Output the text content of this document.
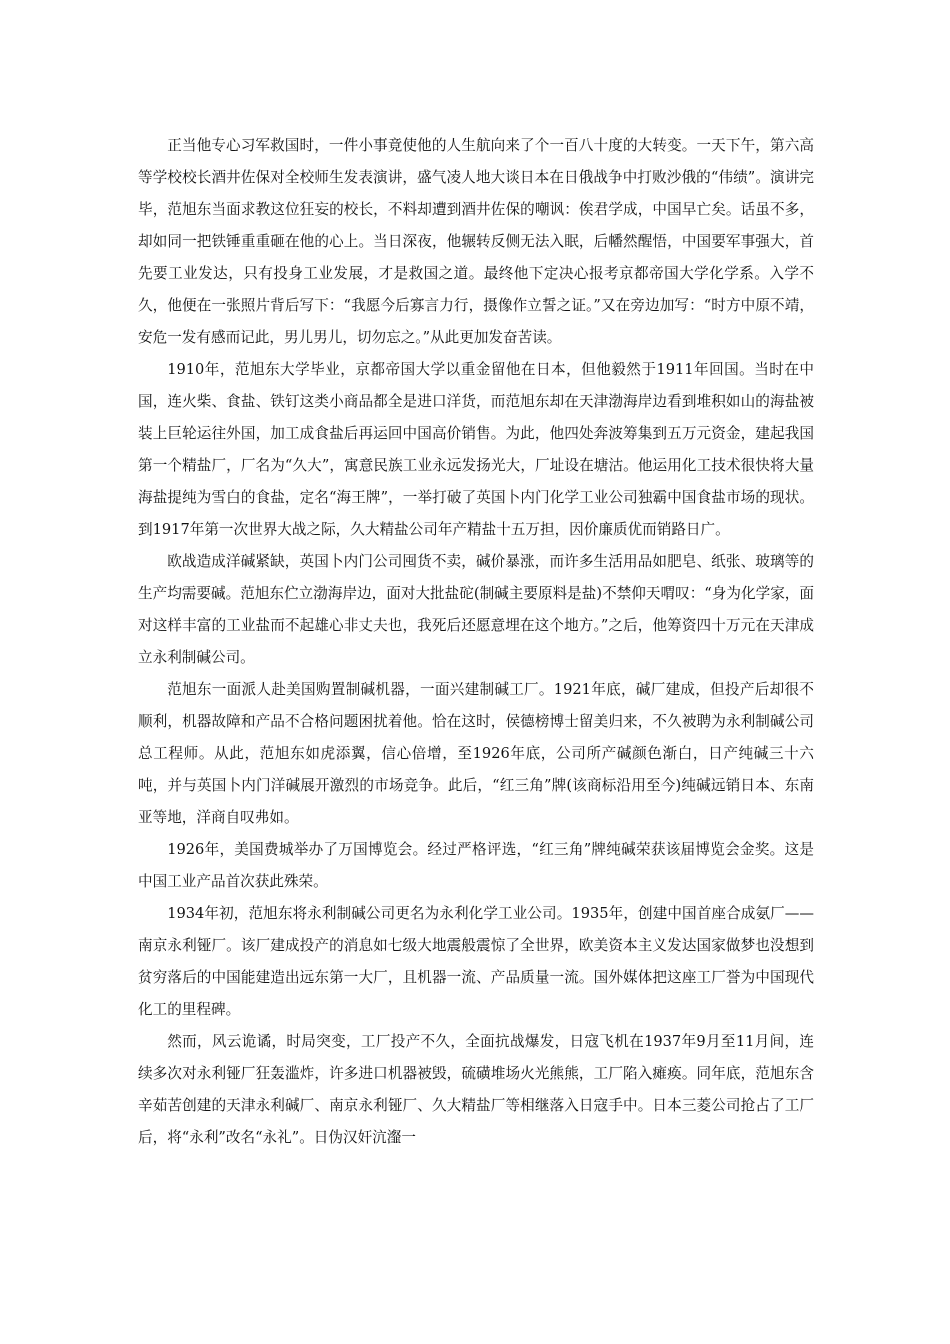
正当他专心习军救国时，一件小事竟使他的人生航向来了个一百八十度的大转变。一天下午，第六高等学校校长酒井佐保对全校师生发表演讲，盛气凌人地大谈日本在日俄战争中打败沙俄的“伟绩”。演讲完毕，范旭东当面求教这位狂妄的校长，不料却遭到酒井佐保的嘲讽：俟君学成，中国早亡矣。话虽不多，却如同一把铁锤重重砸在他的心上。当日深夜，他辗转反侧无法入眠，后幡然醒悟，中国要军事强大，首先要工业发达，只有投身工业发展，才是救国之道。最终他下定决心报考京都帝国大学化学系。入学不久，他便在一张照片背后写下：“我愿今后寡言力行，摄像作立誓之证。”又在旁边加写：“时方中原不靖，安危一发有感而记此，男儿男儿，切勿忘之。”从此更加发奋苦读。

1910年，范旭东大学毕业，京都帝国大学以重金留他在日本，但他毅然于1911年回国。当时在中国，连火柴、食盐、铁钉这类小商品都全是进口洋货，而范旭东却在天津渤海岸边看到堆积如山的海盐被装上巨轮运往外国，加工成食盐后再运回中国高价销售。为此，他四处奔波筹集到五万元资金，建起我国第一个精盐厂，厂名为“久大”，寓意民族工业永远发扬光大，厂址设在塘沽。他运用化工技术很快将大量海盐提纯为雪白的食盐，定名“海王牌”，一举打破了英国卜内门化学工业公司独霸中国食盐市场的现状。到1917年第一次世界大战之际，久大精盐公司年产精盐十五万担，因价廉质优而销路日广。

欧战造成洋碱紧缺，英国卜内门公司囤货不卖，碱价暴涨，而许多生活用品如肥皂、纸张、玻璃等的生产均需要碱。范旭东伫立渤海岸边，面对大批盐砣(制碱主要原料是盐)不禁仰天喟叹：“身为化学家，面对这样丰富的工业盐而不起雄心非丈夫也，我死后还愿意埋在这个地方。”之后，他筹资四十万元在天津成立永利制碱公司。

范旭东一面派人赴美国购置制碱机器，一面兴建制碱工厂。1921年底，碱厂建成，但投产后却很不顺利，机器故障和产品不合格问题困扰着他。恰在这时，侯德榜博士留美归来，不久被聘为永利制碱公司总工程师。从此，范旭东如虎添翼，信心倍增，至1926年底，公司所产碱颜色渐白，日产纯碱三十六吨，并与英国卜内门洋碱展开激烈的市场竞争。此后，“红三角”牌(该商标沿用至今)纯碱远销日本、东南亚等地，洋商自叹弗如。

1926年，美国费城举办了万国博览会。经过严格评选，“红三角”牌纯碱荣获该届博览会金奖。这是中国工业产品首次获此殊荣。

1934年初，范旭东将永利制碱公司更名为永利化学工业公司。1935年，创建中国首座合成氨厂——南京永利铔厂。该厂建成投产的消息如七级大地震般震惊了全世界，欧美资本主义发达国家做梦也没想到贫穷落后的中国能建造出远东第一大厂，且机器一流、产品质量一流。国外媒体把这座工厂誉为中国现代化工的里程碑。

然而，风云诡谲，时局突变，工厂投产不久，全面抗战爆发，日寇飞机在1937年9月至11月间，连续多次对永利铔厂狂轰滥炸，许多进口机器被毁，硫磺堆场火光熊熊，工厂陷入瘫痪。同年底，范旭东含辛茹苦创建的天津永利碱厂、南京永利铔厂、久大精盐厂等相继落入日寇手中。日本三菱公司抢占了工厂后，将“永利”改名“永礼”。日伪汉奸沆瀣一
